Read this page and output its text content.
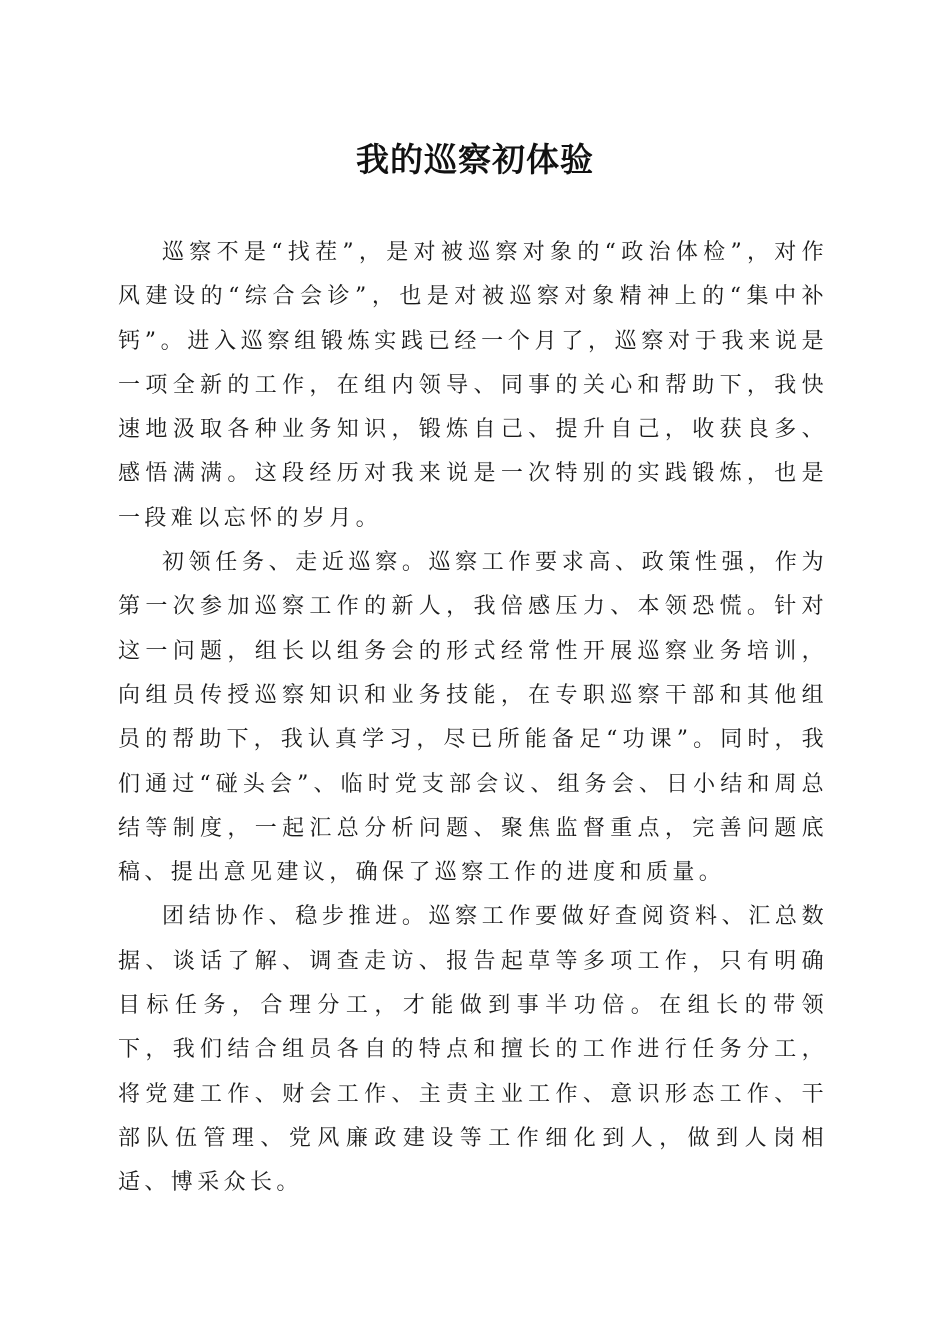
我的巡察初体验

巡察不是“找茬”，是对被巡察对象的“政治体检”，对作风建设的“综合会诊”，也是对被巡察对象精神上的“集中补钙”。进入巡察组锻炼实践已经一个月了，巡察对于我来说是一项全新的工作，在组内领导、同事的关心和帮助下，我快速地汲取各种业务知识，锻炼自己、提升自己，收获良多、感悟满满。这段经历对我来说是一次特别的实践锻炼，也是一段难以忘怀的岁月。

初领任务、走近巡察。巡察工作要求高、政策性强，作为第一次参加巡察工作的新人，我倍感压力、本领恐慌。针对这一问题，组长以组务会的形式经常性开展巡察业务培训，向组员传授巡察知识和业务技能，在专职巡察干部和其他组员的帮助下，我认真学习，尽已所能备足“功课”。同时，我们通过“碰头会”、临时党支部会议、组务会、日小结和周总结等制度，一起汇总分析问题、聚焦监督重点，完善问题底稿、提出意见建议，确保了巡察工作的进度和质量。

团结协作、稳步推进。巡察工作要做好查阅资料、汇总数据、谈话了解、调查走访、报告起草等多项工作，只有明确目标任务，合理分工，才能做到事半功倍。在组长的带领下，我们结合组员各自的特点和擅长的工作进行任务分工，将党建工作、财会工作、主责主业工作、意识形态工作、干部队伍管理、党风廉政建设等工作细化到人，做到人岗相适、博采众长。
